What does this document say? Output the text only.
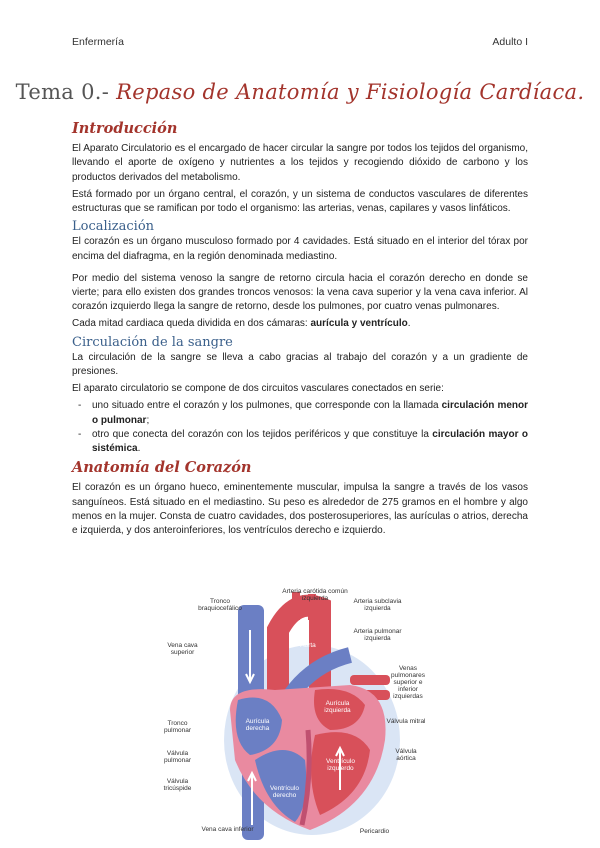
Enfermería	Adulto I
Tema 0.- Repaso de Anatomía y Fisiología Cardíaca.
Introducción

El Aparato Circulatorio es el encargado de hacer circular la sangre por todos los tejidos del organismo, llevando el aporte de oxígeno y nutrientes a los tejidos y recogiendo dióxido de carbono y los productos derivados del metabolismo.

Está formado por un órgano central, el corazón, y un sistema de conductos vasculares de diferentes estructuras que se ramifican por todo el organismo: las arterias, venas, capilares y vasos linfáticos.

Localización

El corazón es un órgano musculoso formado por 4 cavidades. Está situado en el interior del tórax por encima del diafragma, en la región denominada mediastino.

Por medio del sistema venoso la sangre de retorno circula hacia el corazón derecho en donde se vierte; para ello existen dos grandes troncos venosos: la vena cava superior y la vena cava inferior. Al corazón izquierdo llega la sangre de retorno, desde los pulmones, por cuatro venas pulmonares.

Cada mitad cardiaca queda dividida en dos cámaras: aurícula y ventrículo.

Circulación de la sangre

La circulación de la sangre se lleva a cabo gracias al trabajo del corazón y a un gradiente de presiones.

El aparato circulatorio se compone de dos circuitos vasculares conectados en serie:

- uno situado entre el corazón y los pulmones, que corresponde con la llamada circulación menor o pulmonar;
- otro que conecta del corazón con los tejidos periféricos y que constituye la circulación mayor o sistémica.
Anatomía del Corazón

El corazón es un órgano hueco, eminentemente muscular, impulsa la sangre a través de los vasos sanguíneos. Está situado en el mediastino. Su peso es alrededor de 275 gramos en el hombre y algo menos en la mujer. Consta de cuatro cavidades, dos posterosuperiores, las aurículas o atrios, derecha e izquierda, y dos anteroinferiores, los ventrículos derecho e izquierdo.

Tronco braquiocefálico
Arteria carótida común izquierda	Arteria subclavia izquierda
Arteria pulmonar izquierda
Vena cava superior
Venas pulmonares superior e inferior izquierdas
Aorta
Aurícula izquierda
Tronco pulmonar
Aurícula derecha
Válvula mitral
Válvula pulmonar	Ventrículo izquierdo
Válvula aórtica
Válvula tricúspide	Ventrículo derecho
Vena cava inferior	Pericardio
